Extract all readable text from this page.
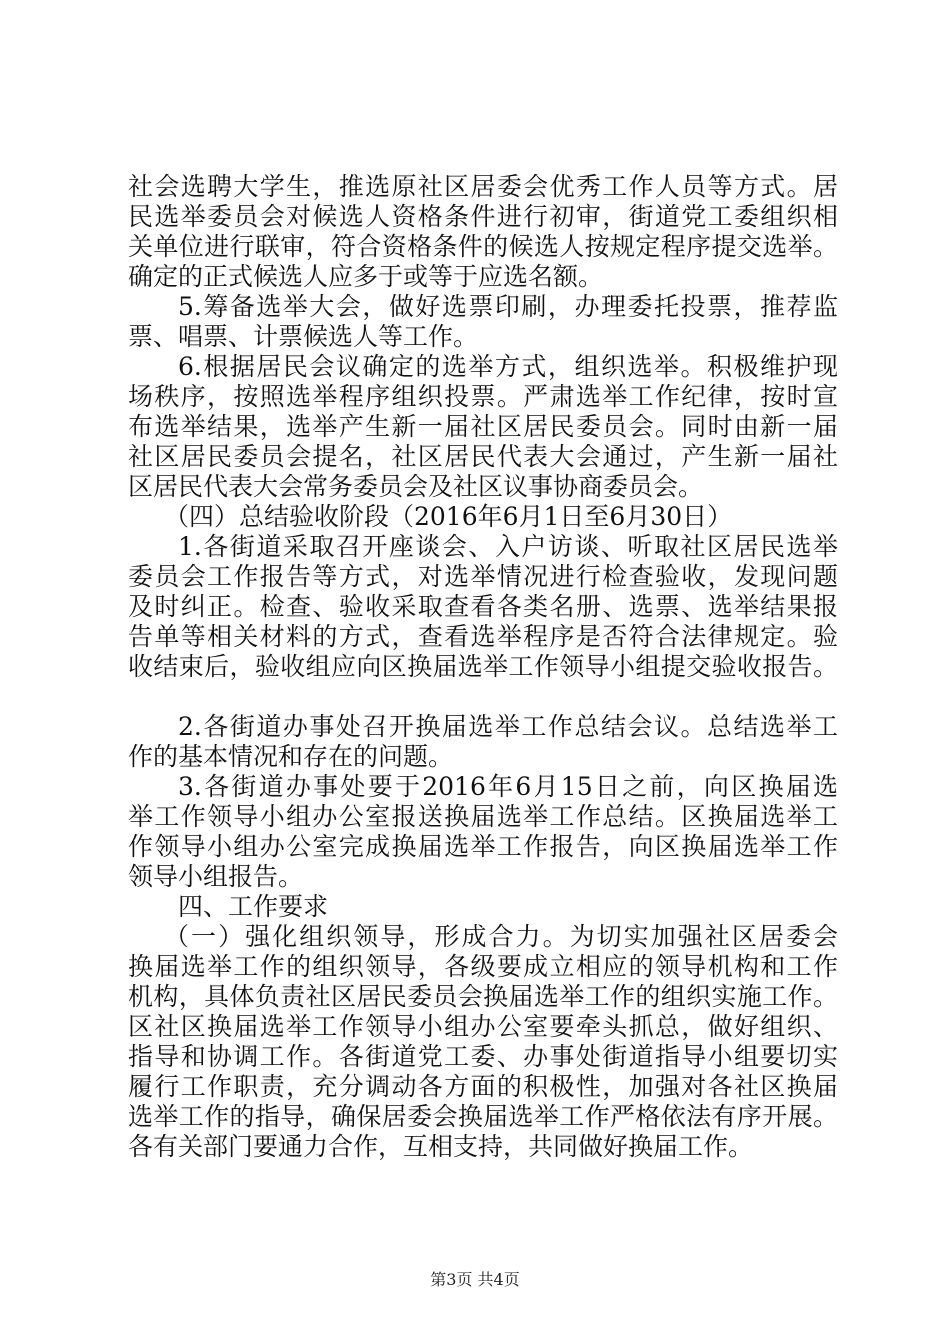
社会选聘大学生，推选原社区居委会优秀工作人员等方式。居
民选举委员会对候选人资格条件进行初审，街道党工委组织相
关单位进行联审，符合资格条件的候选人按规定程序提交选举。
确定的正式候选人应多于或等于应选名额。
5.筹备选举大会，做好选票印刷，办理委托投票，推荐监
票、唱票、计票候选人等工作。
6.根据居民会议确定的选举方式，组织选举。积极维护现
场秩序，按照选举程序组织投票。严肃选举工作纪律，按时宣
布选举结果，选举产生新一届社区居民委员会。同时由新一届
社区居民委员会提名，社区居民代表大会通过，产生新一届社
区居民代表大会常务委员会及社区议事协商委员会。
（四）总结验收阶段（2016年6月1日至6月30日）
1.各街道采取召开座谈会、入户访谈、听取社区居民选举
委员会工作报告等方式，对选举情况进行检查验收，发现问题
及时纠正。检查、验收采取查看各类名册、选票、选举结果报
告单等相关材料的方式，查看选举程序是否符合法律规定。验
收结束后，验收组应向区换届选举工作领导小组提交验收报告。
2.各街道办事处召开换届选举工作总结会议。总结选举工
作的基本情况和存在的问题。
3.各街道办事处要于2016年6月15日之前，向区换届选
举工作领导小组办公室报送换届选举工作总结。区换届选举工
作领导小组办公室完成换届选举工作报告，向区换届选举工作
领导小组报告。
四、工作要求
（一）强化组织领导，形成合力。为切实加强社区居委会
换届选举工作的组织领导，各级要成立相应的领导机构和工作
机构，具体负责社区居民委员会换届选举工作的组织实施工作。
区社区换届选举工作领导小组办公室要牵头抓总，做好组织、
指导和协调工作。各街道党工委、办事处街道指导小组要切实
履行工作职责，充分调动各方面的积极性，加强对各社区换届
选举工作的指导，确保居委会换届选举工作严格依法有序开展。
各有关部门要通力合作，互相支持，共同做好换届工作。
第3页 共4页
